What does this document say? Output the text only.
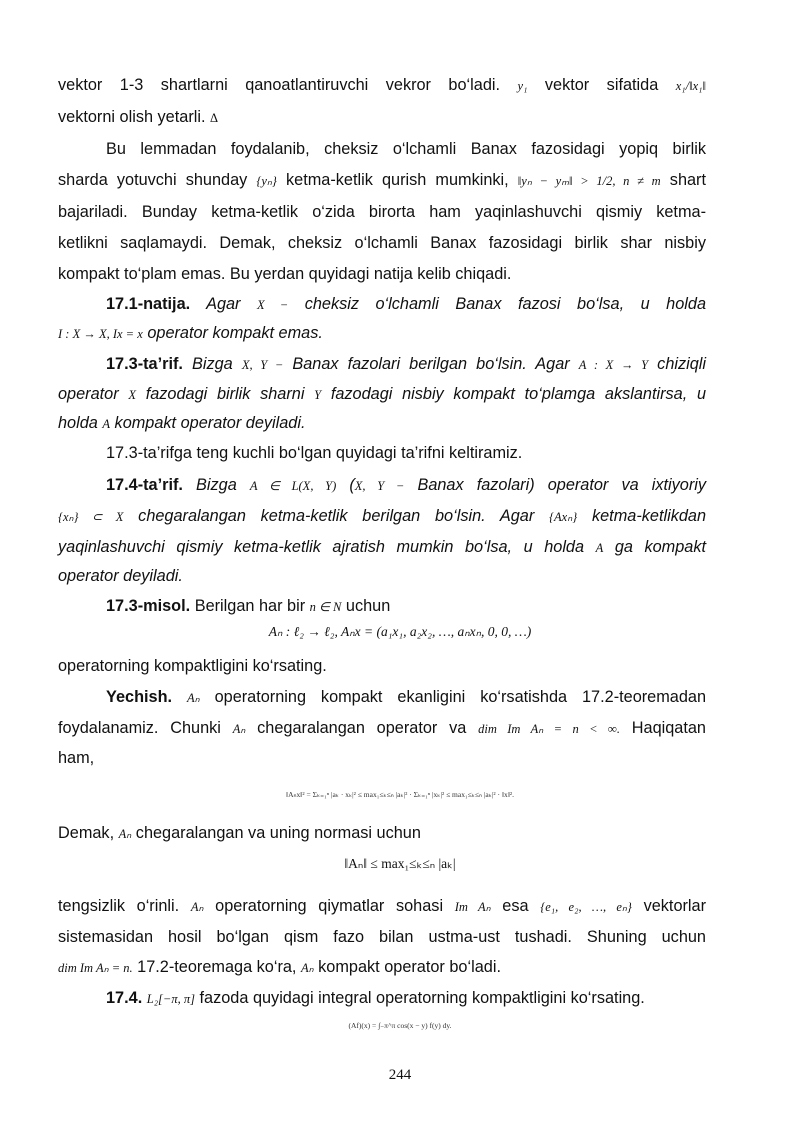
vektor 1-3 shartlarni qanoatlantiruvchi vekror bo‘ladi. y₁ vektor sifatida x₁/‖x₁‖
vektorni olish yetarli. Δ
Bu lemmadan foydalanib, cheksiz o‘lchamli Banax fazosidagi yopiq birlik
sharda yotuvchi shunday {yₙ} ketma-ketlik qurish mumkinki, ‖yₙ − yₘ‖ > 1/2, n ≠ m shart
bajariladi. Bunday ketma-ketlik o‘zida birorta ham yaqinlashuvchi qismiy ketma-
ketlikni saqlamaydi. Demak, cheksiz o‘lchamli Banax fazosidagi birlik shar nisbiy
kompakt to‘plam emas. Bu yerdan quyidagi natija kelib chiqadi.
17.1-natija. Agar X − cheksiz o‘lchamli Banax fazosi bo‘lsa, u holda
I : X → X, Ix = x operator kompakt emas.
17.3-ta’rif. Bizga X, Y − Banax fazolari berilgan bo‘lsin. Agar A : X → Y chiziqli
operator X fazodagi birlik sharni Y fazodagi nisbiy kompakt to‘plamga akslantirsa, u
holda A kompakt operator deyiladi.
17.3-ta’rifga teng kuchli bo‘lgan quyidagi ta’rifni keltiramiz.
17.4-ta’rif. Bizga A ∈ L(X, Y) (X, Y − Banax fazolari) operator va ixtiyoriy
{xₙ} ⊂ X chegaralangan ketma-ketlik berilgan bo‘lsin. Agar {Axₙ} ketma-ketlikdan
yaqinlashuvchi qismiy ketma-ketlik ajratish mumkin bo‘lsa, u holda A ga kompakt
operator deyiladi.
17.3-misol. Berilgan har bir n ∈ N uchun
Aₙ : ℓ₂ → ℓ₂, Aₙx = (a₁x₁, a₂x₂, …, aₙxₙ, 0, 0, …)
operatorning kompaktligini ko‘rsating.
Yechish. Aₙ operatorning kompakt ekanligini ko‘rsatishda 17.2-teoremadan
foydalanamiz. Chunki Aₙ chegaralangan operator va dim Im Aₙ = n < ∞. Haqiqatan
ham,
‖Aₙx‖² = Σₖ₌₁ⁿ |aₖ · xₖ|² ≤ max₁≤ₖ≤ₙ |aₖ|² · Σₖ₌₁ⁿ |xₖ|² ≤ max₁≤ₖ≤ₙ |aₖ|² · ‖x‖².
Demak, Aₙ chegaralangan va uning normasi uchun
‖Aₙ‖ ≤ max₁≤ₖ≤ₙ |aₖ|
tengsizlik o‘rinli. Aₙ operatorning qiymatlar sohasi Im Aₙ esa {e₁, e₂, …, eₙ} vektorlar
sistemasidan hosil bo‘lgan qism fazo bilan ustma-ust tushadi. Shuning uchun
dim Im Aₙ = n. 17.2-teoremaga ko‘ra, Aₙ kompakt operator bo‘ladi.
17.4. L₂[−π, π] fazoda quyidagi integral operatorning kompaktligini ko‘rsating.
(Af)(x) = ∫₋π^π cos(x − y) f(y) dy.
244
